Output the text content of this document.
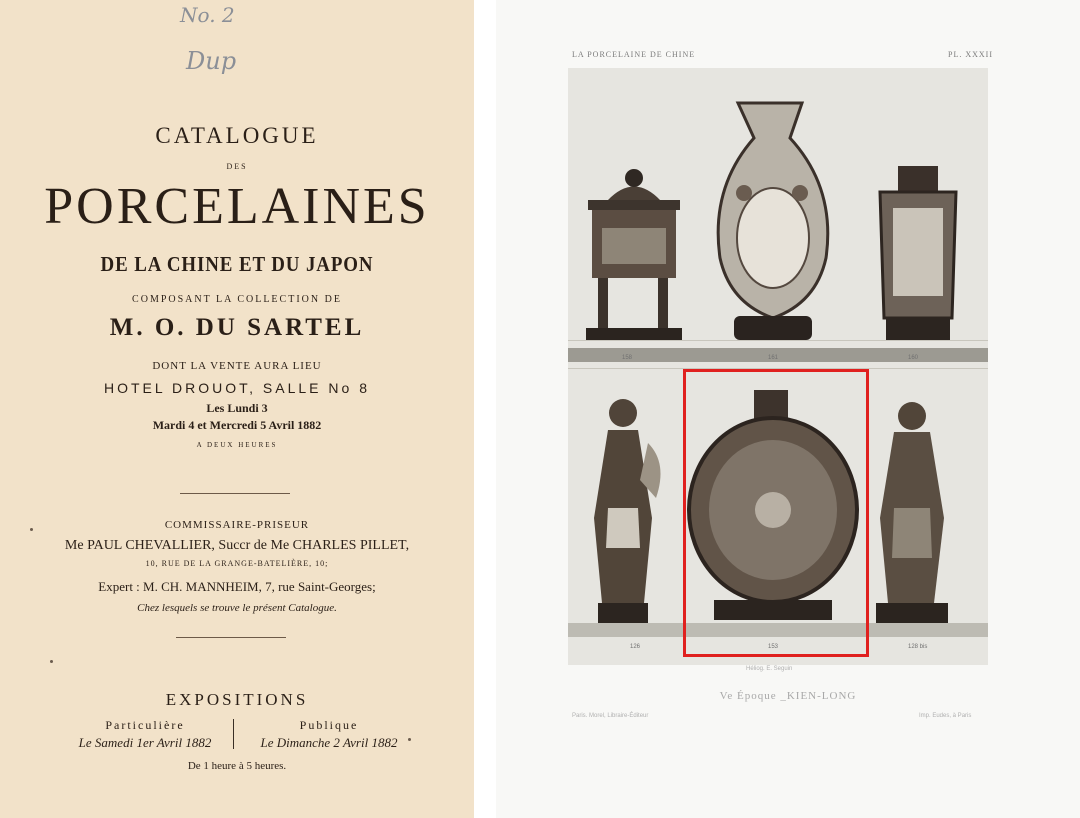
No. 2
Dup
CATALOGUE
DES
PORCELAINES
DE LA CHINE ET DU JAPON
COMPOSANT LA COLLECTION DE
M. O. DU SARTEL
DONT LA VENTE AURA LIEU
HOTEL DROUOT, SALLE No 8
Les Lundi 3
Mardi 4 et Mercredi 5 Avril 1882
A DEUX HEURES
COMMISSAIRE-PRISEUR
Me PAUL CHEVALLIER, Succr de Me CHARLES PILLET,
10, RUE DE LA GRANGE-BATELIÈRE, 10;
Expert : M. CH. MANNHEIM, 7, rue Saint-Georges;
Chez lesquels se trouve le présent Catalogue.
EXPOSITIONS
Particulière
Le Samedi 1er Avril 1882
Publique
Le Dimanche 2 Avril 1882
De 1 heure à 5 heures.
LA PORCELAINE DE CHINE	PL. XXXII
158	161	160
126	153	128 bis
Héliog. E. Seguin
Ve Époque _KIEN-LONG
Paris. Morel, Libraire-Éditeur	Imp. Eudes, à Paris
